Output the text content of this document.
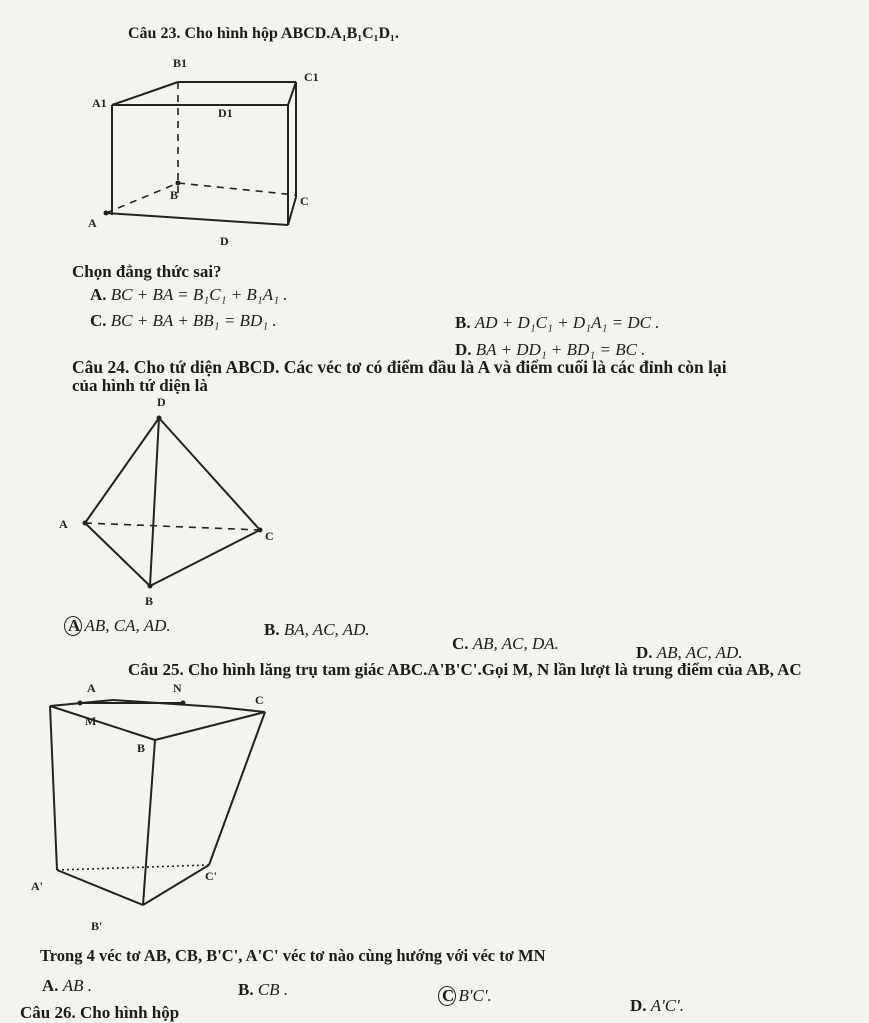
Câu 23. Cho hình hộp ABCD.A₁B₁C₁D₁.
B1
C1
A1
D1
B	C
A
D
Chọn đẳng thức sai?
A. BC + BA = B₁C₁ + B₁A₁ .
C. BC + BA + BB₁ = BD₁ .	B. AD + D₁C₁ + D₁A₁ = DC .
D. BA + DD₁ + BD₁ = BC .
Câu 24. Cho tứ diện ABCD. Các véc tơ có điểm đầu là A và điểm cuối là các đỉnh còn lại
của hình tứ diện là
D
A
C
B
A AB, CA, AD.	B. BA, AC, AD.
C. AB, AC, DA.	D. AB, AC, AD.
Câu 25. Cho hình lăng trụ tam giác ABC.A'B'C'.Gọi M, N lần lượt là trung điểm của AB, AC
A	N
C
M
B
A'
C'
B'
Trong 4 véc tơ AB, CB, B'C', A'C' véc tơ nào cùng hướng với véc tơ MN
A. AB .	B. CB .	C B'C'.
D. A'C'.
Câu 26. Cho hình hộp
